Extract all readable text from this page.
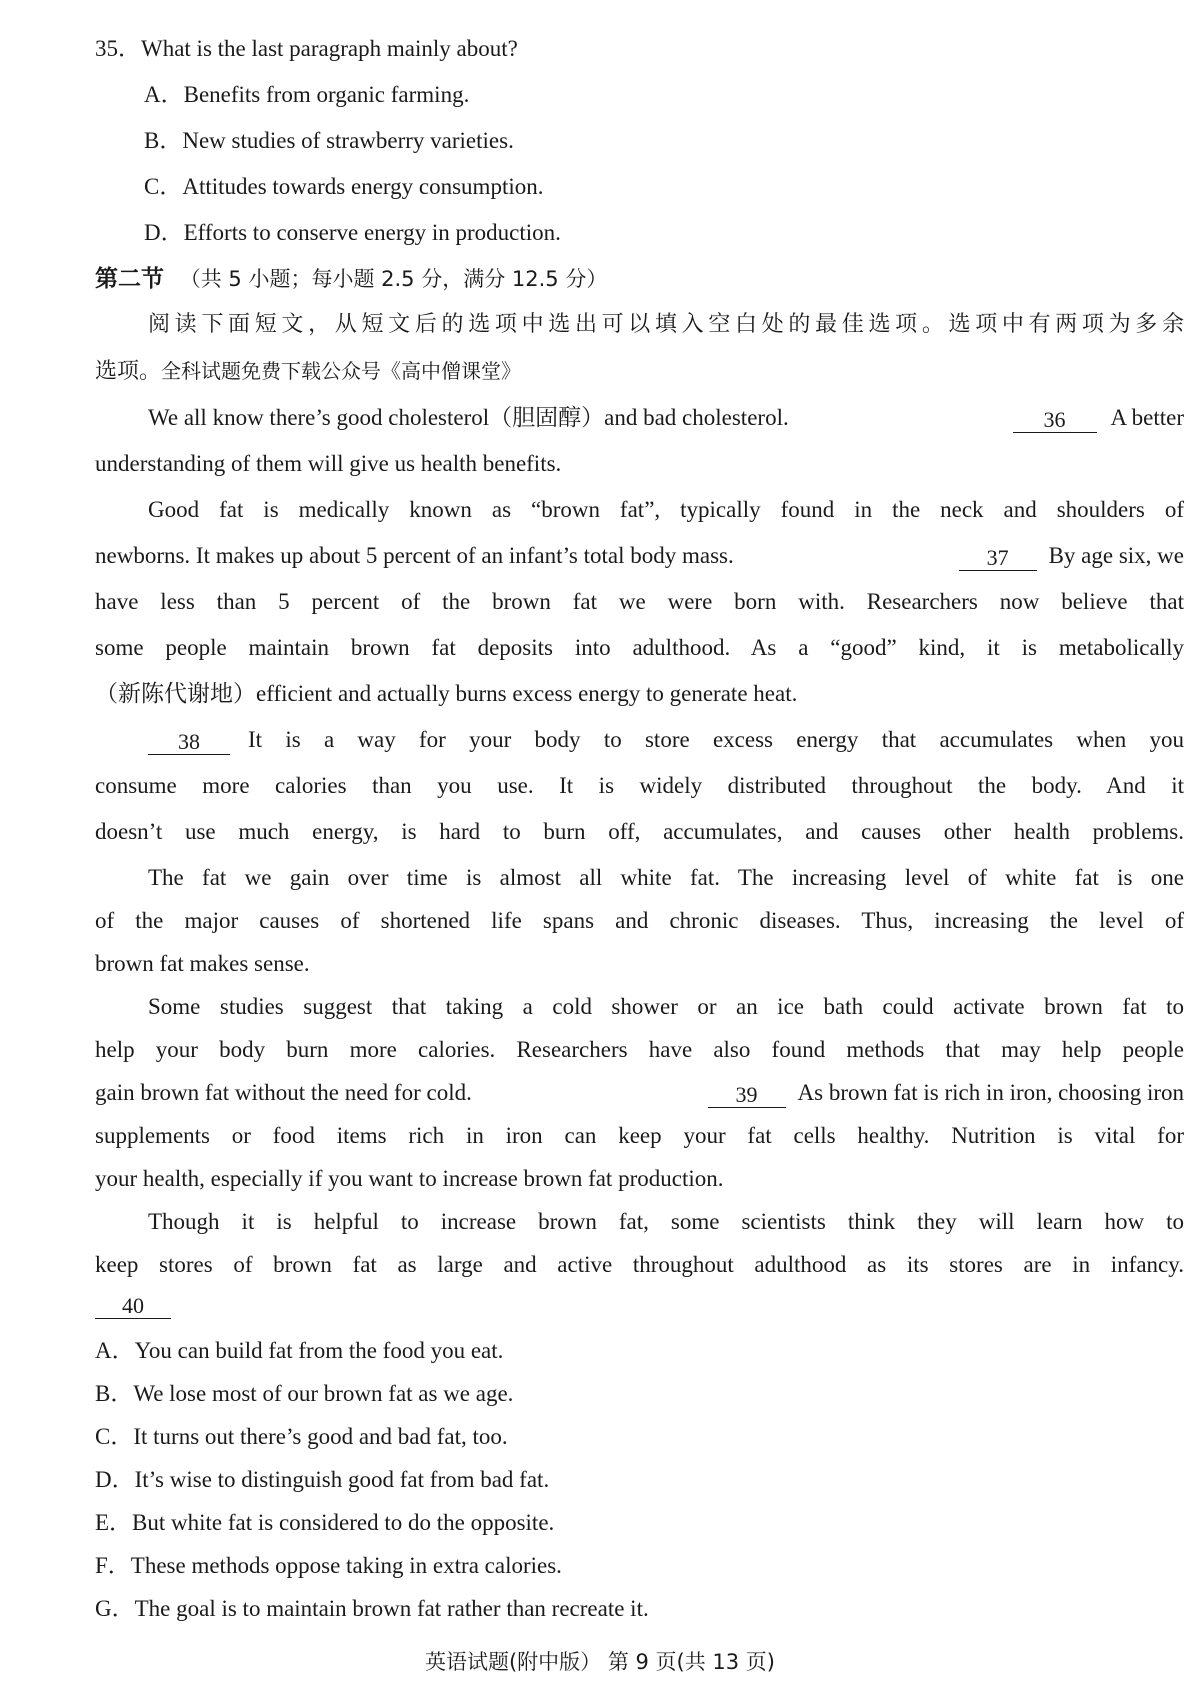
35．What is the last paragraph mainly about?
A．Benefits from organic farming.
B．New studies of strawberry varieties.
C．Attitudes towards energy consumption.
D．Efforts to conserve energy in production.
第二节 （共 5 小题；每小题 2.5 分，满分 12.5 分）
阅读下面短文，从短文后的选项中选出可以填入空白处的最佳选项。选项中有两项为多余
选项。全科试题免费下载公众号《高中僧课堂》
We all know there’s good cholesterol（胆固醇）and bad cholesterol.	36	A better
understanding of them will give us health benefits.
Good fat is medically known as “brown fat”, typically found in the neck and shoulders of
newborns. It makes up about 5 percent of an infant’s total body mass.	37	By age six, we
have less than 5 percent of the brown fat we were born with. Researchers now believe that
some people maintain brown fat deposits into adulthood. As a “good” kind, it is metabolically
（新陈代谢地）efficient and actually burns excess energy to generate heat.
38	It is a way for your body to store excess energy that accumulates when you
consume more calories than you use. It is widely distributed throughout the body. And it
doesn’t use much energy, is hard to burn off, accumulates, and causes other health problems.
The fat we gain over time is almost all white fat. The increasing level of white fat is one
of the major causes of shortened life spans and chronic diseases. Thus, increasing the level of
brown fat makes sense.
Some studies suggest that taking a cold shower or an ice bath could activate brown fat to
help your body burn more calories. Researchers have also found methods that may help people
gain brown fat without the need for cold.	39	As brown fat is rich in iron, choosing iron
supplements or food items rich in iron can keep your fat cells healthy. Nutrition is vital for
your health, especially if you want to increase brown fat production.
Though it is helpful to increase brown fat, some scientists think they will learn how to
keep stores of brown fat as large and active throughout adulthood as its stores are in infancy.
40
A．You can build fat from the food you eat.
B．We lose most of our brown fat as we age.
C．It turns out there’s good and bad fat, too.
D．It’s wise to distinguish good fat from bad fat.
E．But white fat is considered to do the opposite.
F．These methods oppose taking in extra calories.
G．The goal is to maintain brown fat rather than recreate it.
英语试题(附中版） 第 9 页(共 13 页)
